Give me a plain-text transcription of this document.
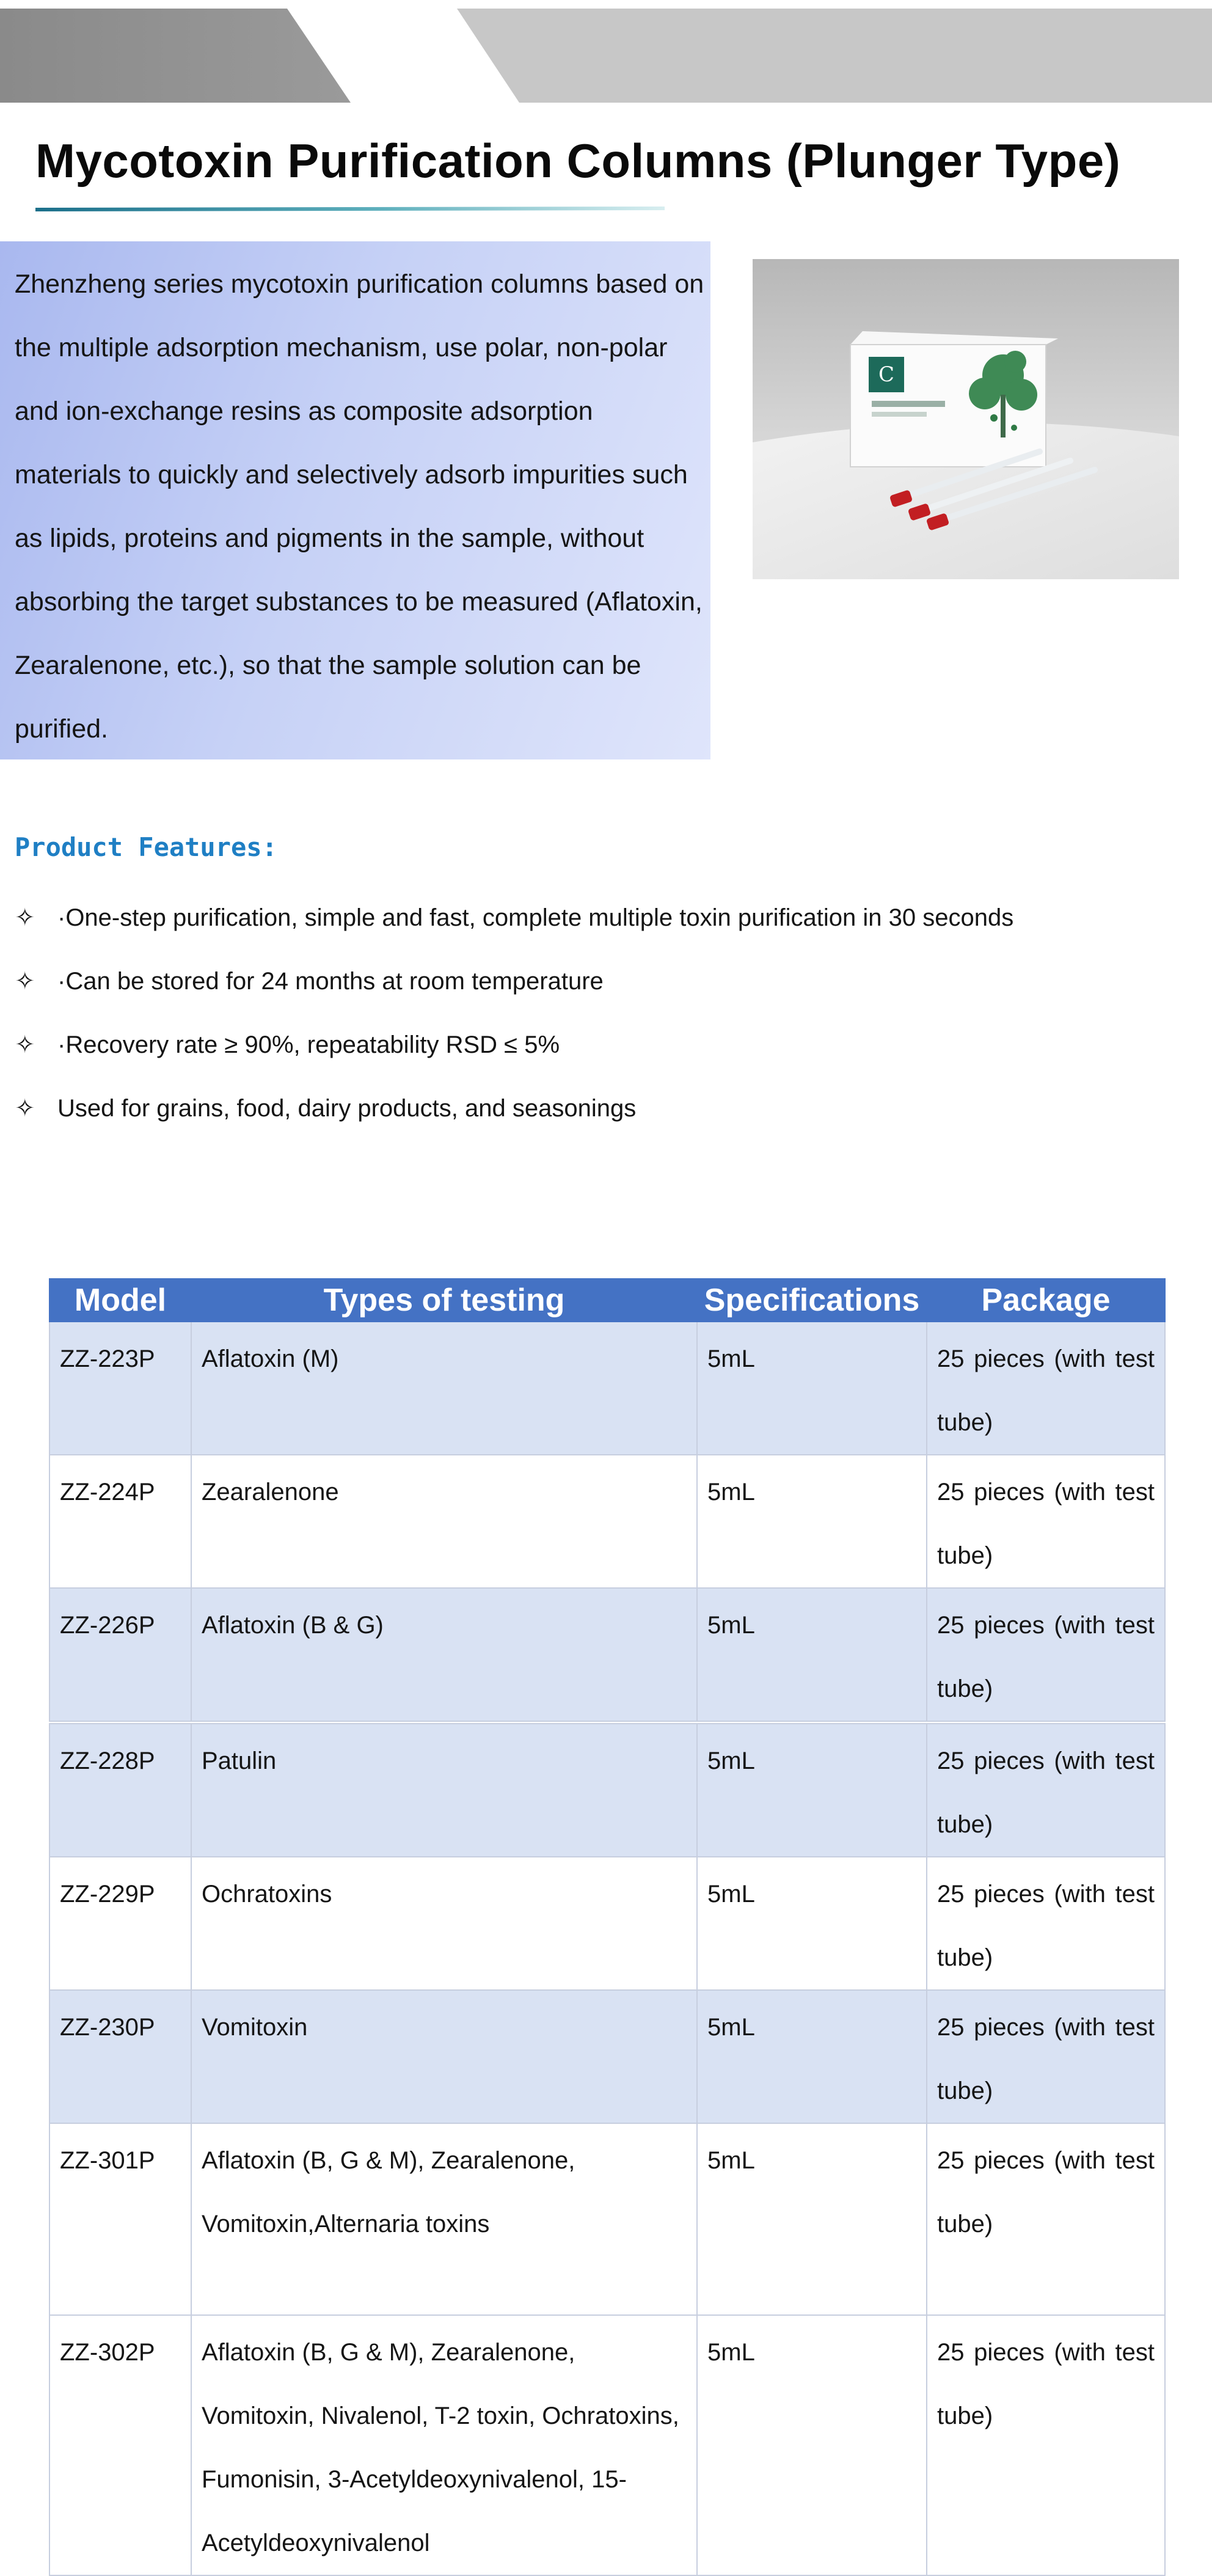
Mycotoxin Purification Columns (Plunger Type)

Zhenzheng series mycotoxin purification columns based on the multiple adsorption mechanism, use polar, non-polar and ion-exchange resins as composite adsorption materials to quickly and selectively adsorb impurities such as lipids, proteins and pigments in the sample, without absorbing the target substances to be measured (Aflatoxin, Zearalenone, etc.), so that the sample solution can be purified.

C
Product Features:
✧ ·One-step purification, simple and fast, complete multiple toxin purification in 30 seconds
✧ ·Can be stored for 24 months at room temperature
✧ ·Recovery rate ≥ 90%, repeatability RSD ≤ 5%
✧ Used for grains, food, dairy products, and seasonings
Model	Types of testing	Specifications	Package
ZZ-223P	Aflatoxin (M)	5mL	25 pieces (with test tube)
ZZ-224P	Zearalenone	5mL	25 pieces (with test tube)
ZZ-226P	Aflatoxin (B & G)	5mL	25 pieces (with test tube)
ZZ-228P	Patulin	5mL	25 pieces (with test tube)
ZZ-229P	Ochratoxins	5mL	25 pieces (with test tube)
ZZ-230P	Vomitoxin	5mL	25 pieces (with test tube)
ZZ-301P	Aflatoxin (B, G & M), Zearalenone, Vomitoxin,Alternaria toxins	5mL	25 pieces (with test tube)
ZZ-302P	Aflatoxin (B, G & M), Zearalenone, Vomitoxin, Nivalenol, T-2 toxin, Ochratoxins, Fumonisin, 3-Acetyldeoxynivalenol, 15-Acetyldeoxynivalenol	5mL	25 pieces (with test tube)
